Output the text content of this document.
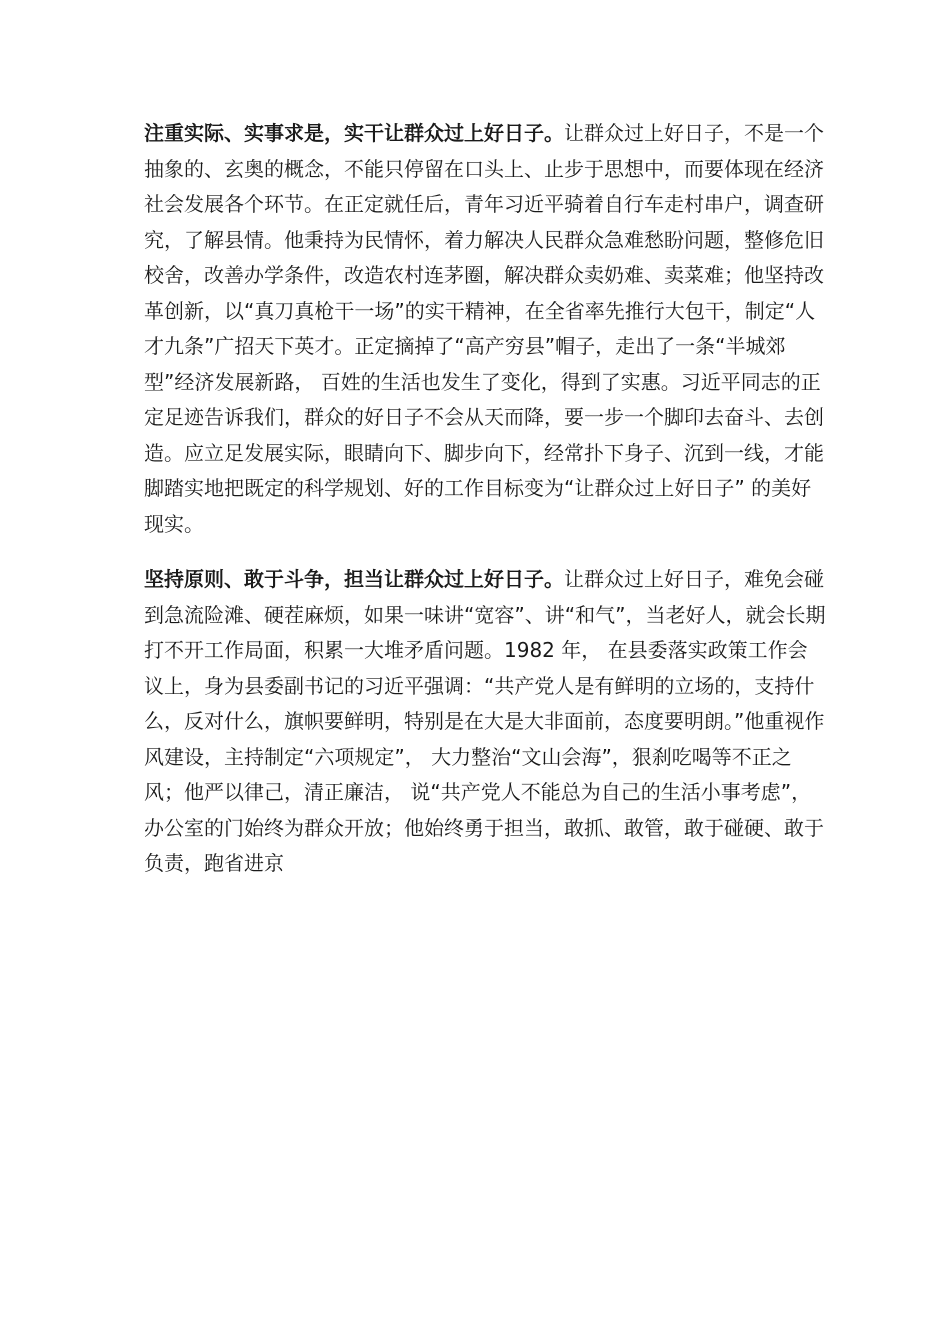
注重实际、实事求是，实干让群众过上好日子。让群众过上好日子，不是一个抽象的、玄奥的概念，不能只停留在口头上、止步于思想中，而要体现在经济社会发展各个环节。在正定就任后，青年习近平骑着自行车走村串户，调查研究，了解县情。他秉持为民情怀，着力解决人民群众急难愁盼问题，整修危旧校舍，改善办学条件，改造农村连茅圈，解决群众卖奶难、卖菜难；他坚持改革创新，以“真刀真枪干一场”的实干精神，在全省率先推行大包干，制定“人才九条”广招天下英才。正定摘掉了“高产穷县”帽子，走出了一条“半城郊型”经济发展新路， 百姓的生活也发生了变化，得到了实惠。习近平同志的正定足迹告诉我们，群众的好日子不会从天而降，要一步一个脚印去奋斗、去创造。应立足发展实际，眼睛向下、脚步向下，经常扑下身子、沉到一线，才能脚踏实地把既定的科学规划、好的工作目标变为“让群众过上好日子” 的美好现实。

坚持原则、敢于斗争，担当让群众过上好日子。让群众过上好日子，难免会碰到急流险滩、硬茬麻烦，如果一味讲“宽容”、讲“和气”，当老好人，就会长期打不开工作局面，积累一大堆矛盾问题。1982 年， 在县委落实政策工作会议上，身为县委副书记的习近平强调：“共产党人是有鲜明的立场的，支持什么，反对什么，旗帜要鲜明，特别是在大是大非面前，态度要明朗。”他重视作风建设，主持制定“六项规定”， 大力整治“文山会海”，狠刹吃喝等不正之风；他严以律己，清正廉洁， 说“共产党人不能总为自己的生活小事考虑”，办公室的门始终为群众开放；他始终勇于担当，敢抓、敢管，敢于碰硬、敢于负责，跑省进京
